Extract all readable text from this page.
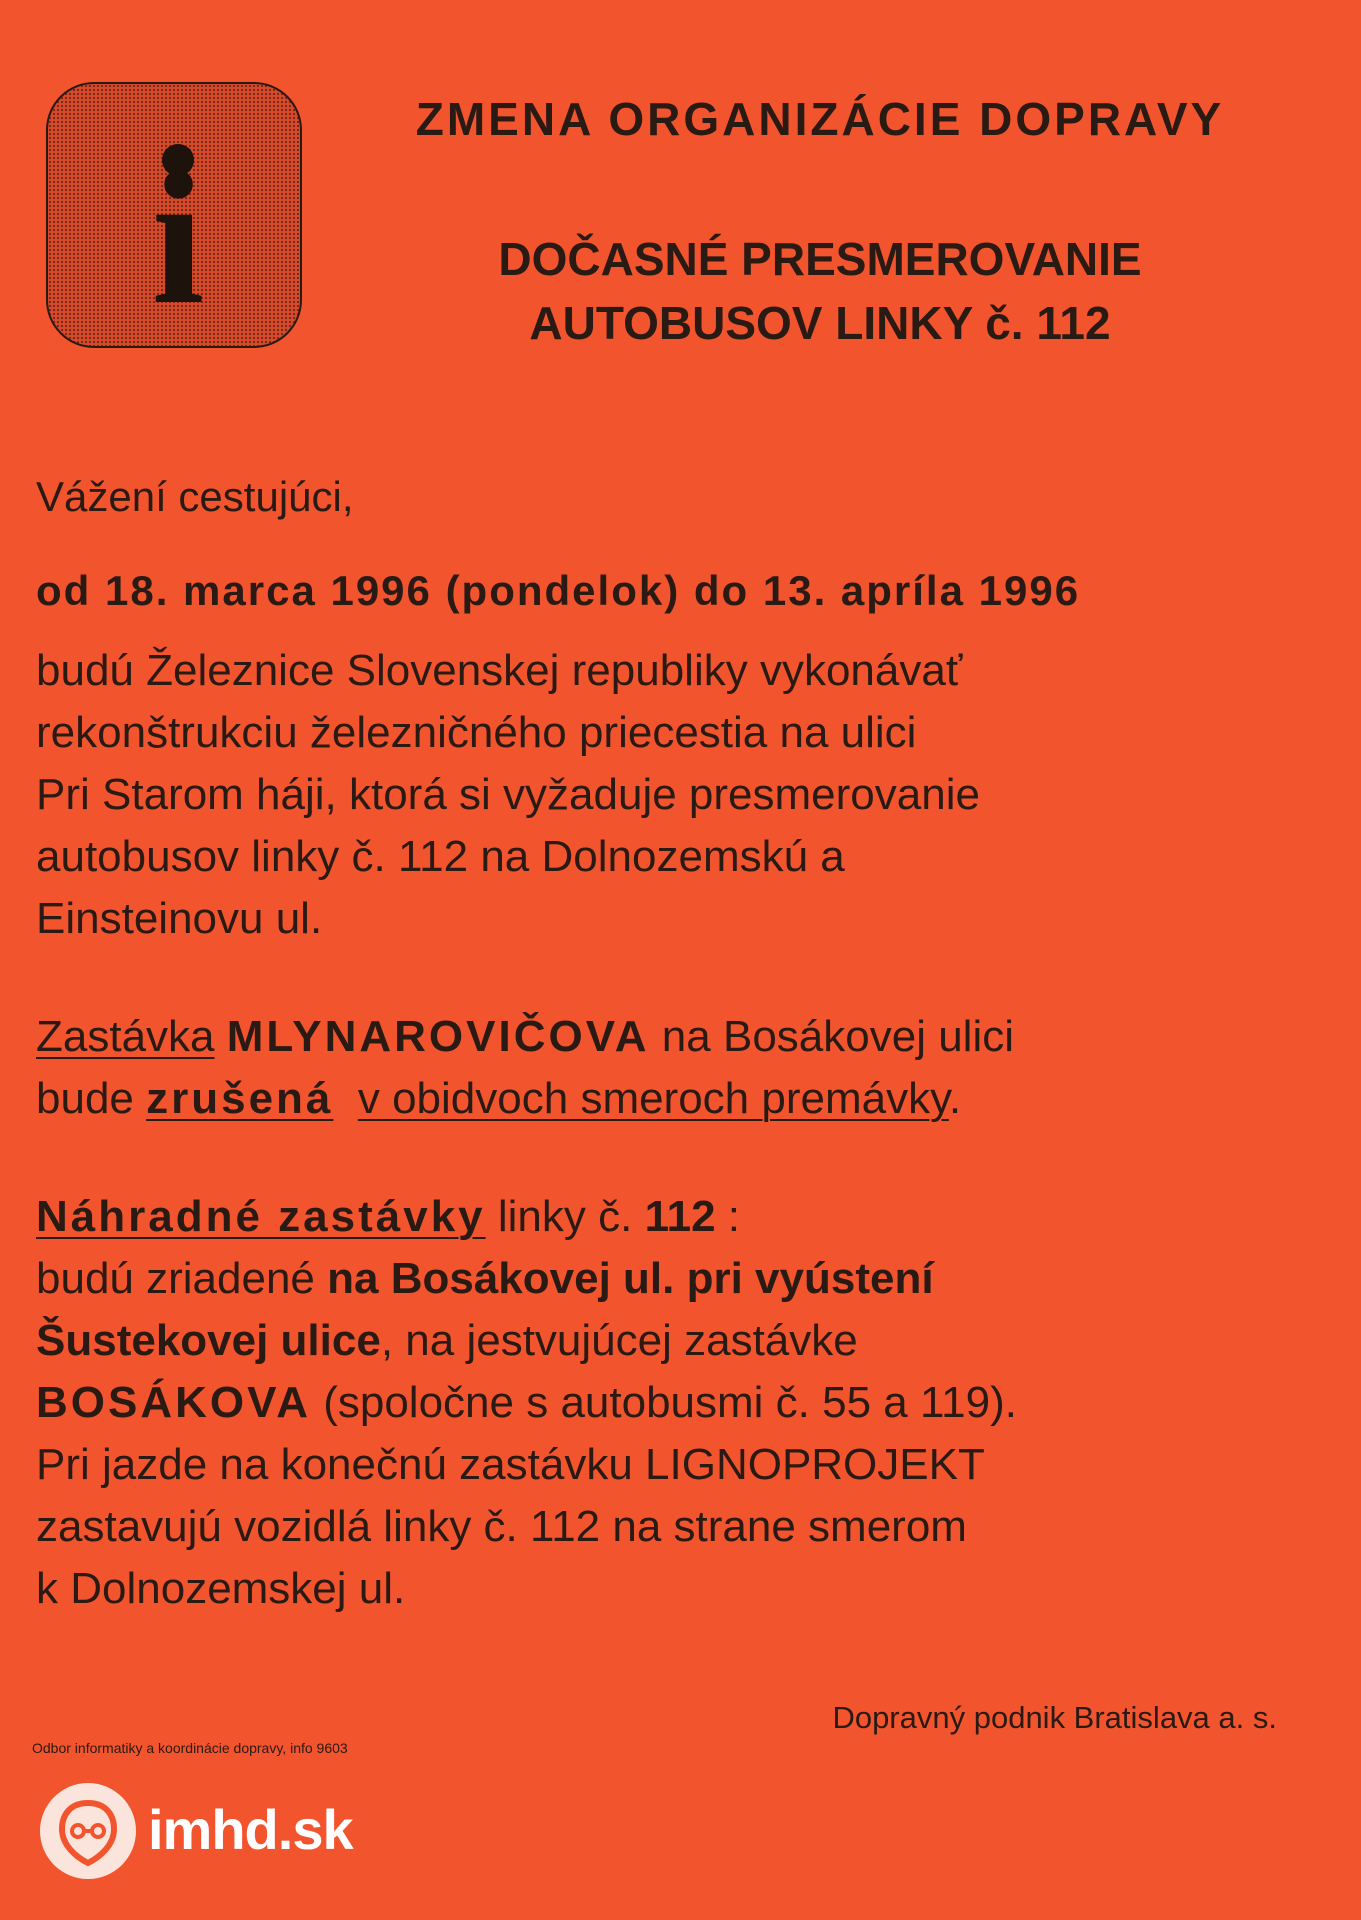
i
ZMENA ORGANIZÁCIE DOPRAVY
DOČASNÉ PRESMEROVANIE
AUTOBUSOV LINKY č. 112
Vážení cestujúci,
od 18. marca 1996 (pondelok) do 13. apríla 1996
budú Železnice Slovenskej republiky vykonávať
rekonštrukciu železničného priecestia na ulici
Pri Starom háji, ktorá si vyžaduje presmerovanie
autobusov linky č. 112 na Dolnozemskú a
Einsteinovu ul.
Zastávka MLYNAROVIČOVA na Bosákovej ulici
bude zrušená v obidvoch smeroch premávky.
Náhradné zastávky linky č. 112 :
budú zriadené na Bosákovej ul. pri vyústení
Šustekovej ulice, na jestvujúcej zastávke
BOSÁKOVA (spoločne s autobusmi č. 55 a 119).
Pri jazde na konečnú zastávku LIGNOPROJEKT
zastavujú vozidlá linky č. 112 na strane smerom
k Dolnozemskej ul.
Dopravný podnik Bratislava a. s.
Odbor informatiky a koordinácie dopravy, info 9603
imhd.sk
